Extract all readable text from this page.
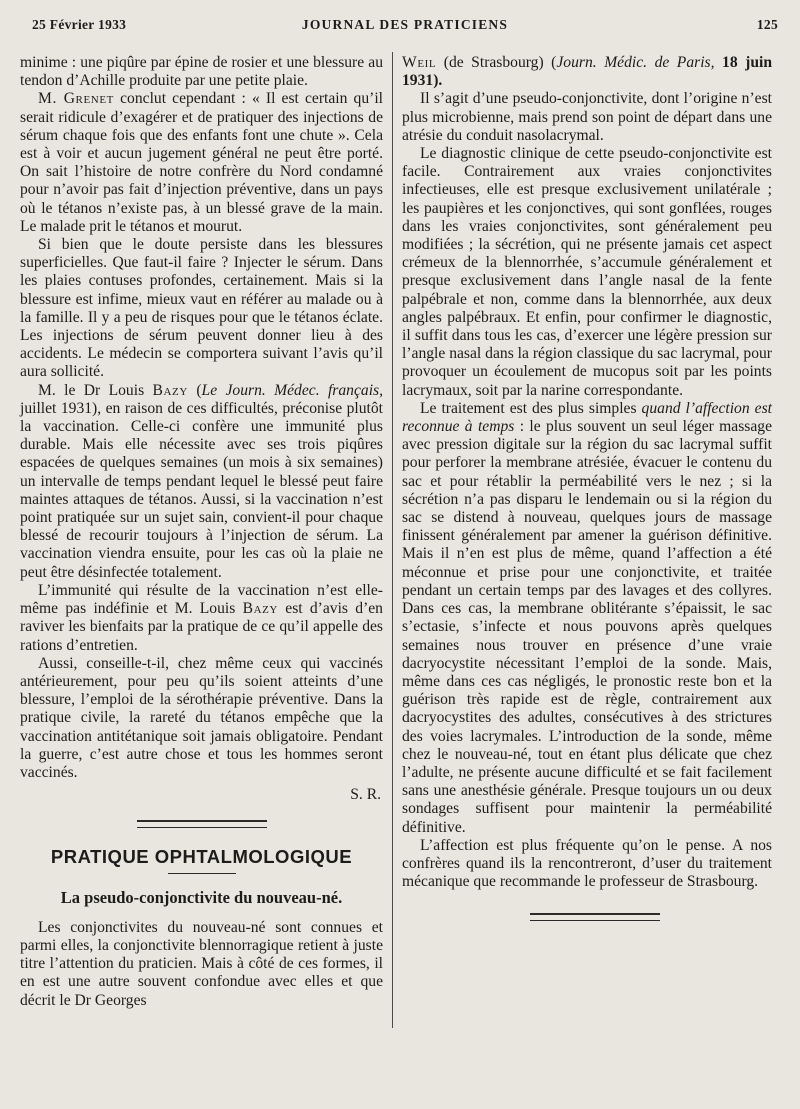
25 Février 1933	JOURNAL DES PRATICIENS	125

minime : une piqûre par épine de rosier et une blessure au tendon d’Achille produite par une petite plaie.

M. Grenet conclut cependant : « Il est certain qu’il serait ridicule d’exagérer et de pratiquer des injections de sérum chaque fois que des enfants font une chute ». Cela est à voir et aucun jugement général ne peut être porté. On sait l’histoire de notre confrère du Nord condamné pour n’avoir pas fait d’injection préventive, dans un pays où le tétanos n’existe pas, à un blessé grave de la main. Le malade prit le tétanos et mourut.

Si bien que le doute persiste dans les blessures superficielles. Que faut-il faire ? Injecter le sérum. Dans les plaies contuses profondes, certainement. Mais si la blessure est infime, mieux vaut en référer au malade ou à la famille. Il y a peu de risques pour que le tétanos éclate. Les injections de sérum peuvent donner lieu à des accidents. Le médecin se comportera suivant l’avis qu’il aura sollicité.

M. le Dr Louis Bazy (Le Journ. Médec. français, juillet 1931), en raison de ces difficultés, préconise plutôt la vaccination. Celle-ci confère une immunité plus durable. Mais elle nécessite avec ses trois piqûres espacées de quelques semaines (un mois à six semaines) un intervalle de temps pendant lequel le blessé peut faire maintes attaques de tétanos. Aussi, si la vaccination n’est point pratiquée sur un sujet sain, convient-il pour chaque blessé de recourir toujours à l’injection de sérum. La vaccination viendra ensuite, pour les cas où la plaie ne peut être désinfectée totalement.

L’immunité qui résulte de la vaccination n’est elle-même pas indéfinie et M. Louis Bazy est d’avis d’en raviver les bienfaits par la pratique de ce qu’il appelle des rations d’entretien.

Aussi, conseille-t-il, chez même ceux qui vaccinés antérieurement, pour peu qu’ils soient atteints d’une blessure, l’emploi de la sérothérapie préventive. Dans la pratique civile, la rareté du tétanos empêche que la vaccination antitétanique soit jamais obligatoire. Pendant la guerre, c’est autre chose et tous les hommes seront vaccinés.

S. R.

PRATIQUE OPHTALMOLOGIQUE
La pseudo-conjonctivite du nouveau-né.

Les conjonctivites du nouveau-né sont connues et parmi elles, la conjonctivite blennorragique retient à juste titre l’attention du praticien. Mais à côté de ces formes, il en est une autre souvent confondue avec elles et que décrit le Dr Georges

Weil (de Strasbourg) (Journ. Médic. de Paris, 18 juin 1931).

Il s’agit d’une pseudo-conjonctivite, dont l’origine n’est plus microbienne, mais prend son point de départ dans une atrésie du conduit nasolacrymal.

Le diagnostic clinique de cette pseudo-conjonctivite est facile. Contrairement aux vraies conjonctivites infectieuses, elle est presque exclusivement unilatérale ; les paupières et les conjonctives, qui sont gonflées, rouges dans les vraies conjonctivites, sont généralement peu modifiées ; la sécrétion, qui ne présente jamais cet aspect crémeux de la blennorrhée, s’accumule généralement et presque exclusivement dans l’angle nasal de la fente palpébrale et non, comme dans la blennorrhée, aux deux angles palpébraux. Et enfin, pour confirmer le diagnostic, il suffit dans tous les cas, d’exercer une légère pression sur l’angle nasal dans la région classique du sac lacrymal, pour provoquer un écoulement de mucopus soit par les points lacrymaux, soit par la narine correspondante.

Le traitement est des plus simples quand l’affection est reconnue à temps : le plus souvent un seul léger massage avec pression digitale sur la région du sac lacrymal suffit pour perforer la membrane atrésiée, évacuer le contenu du sac et pour rétablir la perméabilité vers le nez ; si la sécrétion n’a pas disparu le lendemain ou si la région du sac se distend à nouveau, quelques jours de massage finissent généralement par amener la guérison définitive. Mais il n’en est plus de même, quand l’affection a été méconnue et prise pour une conjonctivite, et traitée pendant un certain temps par des lavages et des collyres. Dans ces cas, la membrane oblitérante s’épaissit, le sac s’ectasie, s’infecte et nous pouvons après quelques semaines nous trouver en présence d’une vraie dacryocystite nécessitant l’emploi de la sonde. Mais, même dans ces cas négligés, le pronostic reste bon et la guérison très rapide est de règle, contrairement aux dacryocystites des adultes, consécutives à des strictures des voies lacrymales. L’introduction de la sonde, même chez le nouveau-né, tout en étant plus délicate que chez l’adulte, ne présente aucune difficulté et se fait facilement sans une anesthésie générale. Presque toujours un ou deux sondages suffisent pour maintenir la perméabilité définitive.

L’affection est plus fréquente qu’on le pense. A nos confrères quand ils la rencontreront, d’user du traitement mécanique que recommande le professeur de Strasbourg.
